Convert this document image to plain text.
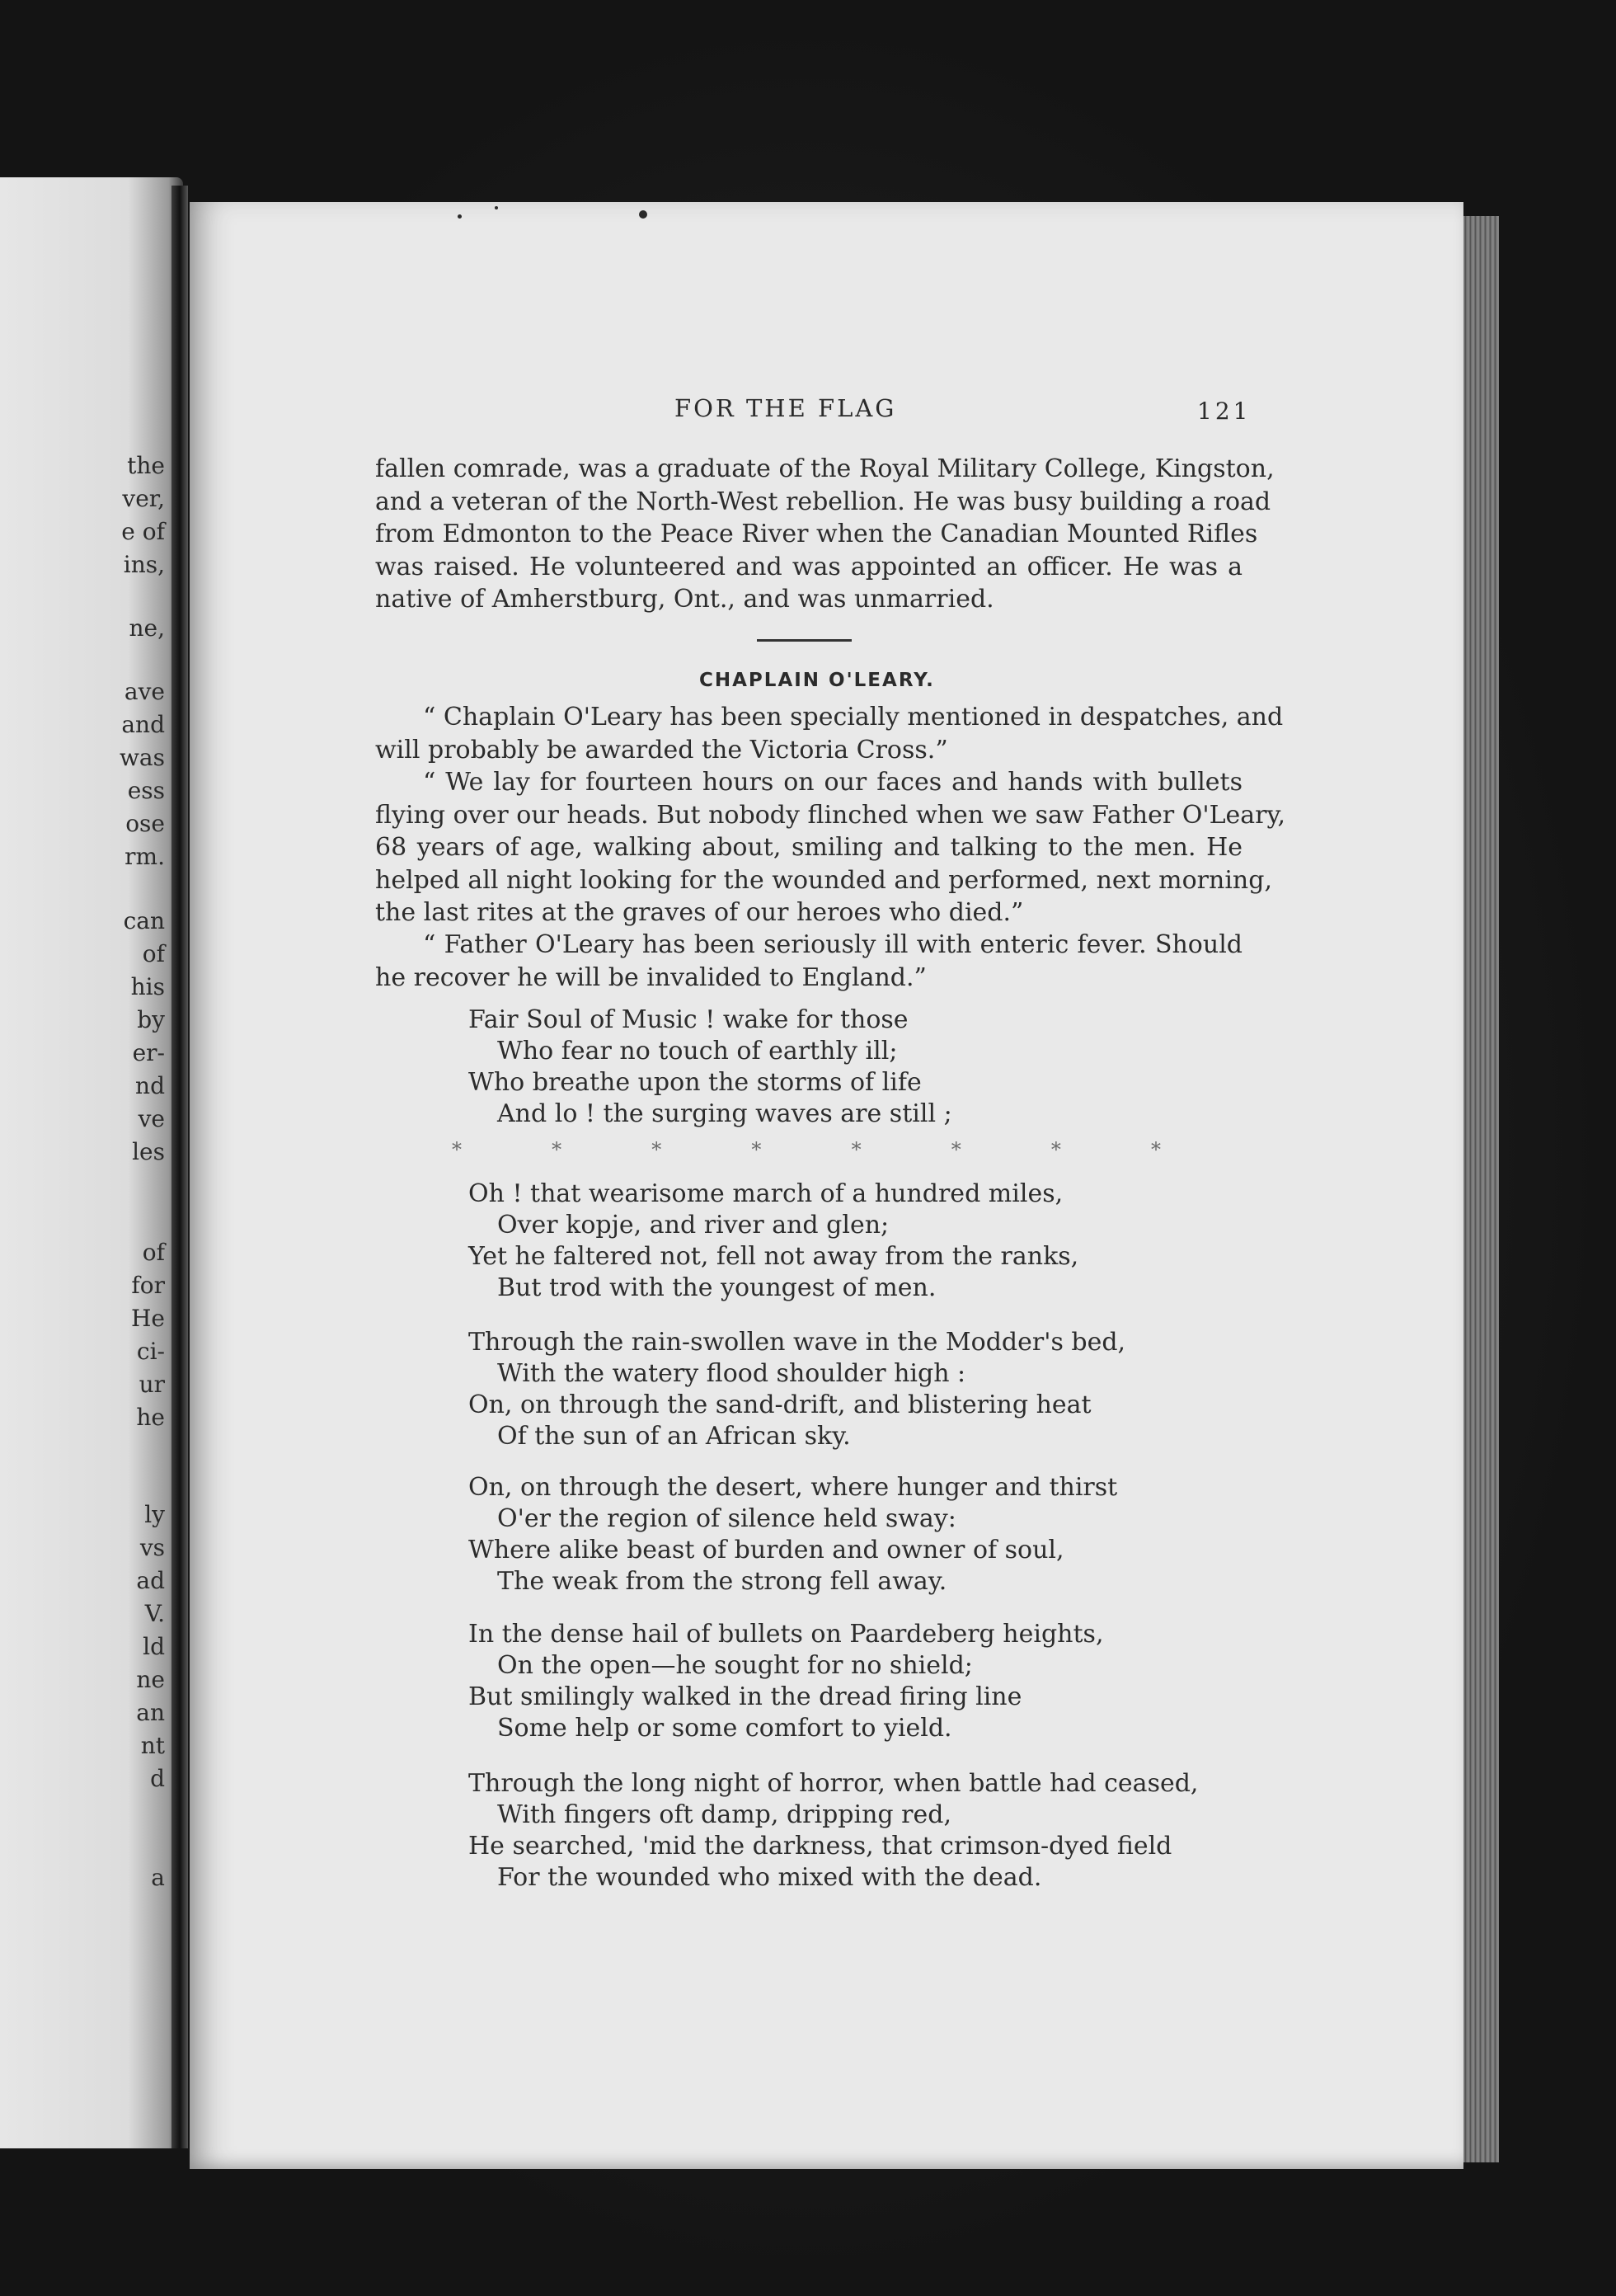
the
ver,
e of
ins,
ne,
ave
and
was
ess
ose
rm.
can
of
his
by
er-
nd
ve
les
of
for
He
ci-
ur
he
ly
vs
ad
V.
ld
ne
an
nt
d
a
FOR THE FLAG	121
fallen comrade, was a graduate of the Royal Military College, Kingston,
and a veteran of the North-West rebellion. He was busy building a road
from Edmonton to the Peace River when the Canadian Mounted Rifles
was raised. He volunteered and was appointed an officer. He was a
native of Amherstburg, Ont., and was unmarried.
CHAPLAIN O'LEARY.
“ Chaplain O'Leary has been specially mentioned in despatches, and
will probably be awarded the Victoria Cross.”
“ We lay for fourteen hours on our faces and hands with bullets
flying over our heads. But nobody flinched when we saw Father O'Leary,
68 years of age, walking about, smiling and talking to the men. He
helped all night looking for the wounded and performed, next morning,
the last rites at the graves of our heroes who died.”
“ Father O'Leary has been seriously ill with enteric fever. Should
he recover he will be invalided to England.”
Fair Soul of Music ! wake for those
Who fear no touch of earthly ill;
Who breathe upon the storms of life
And lo ! the surging waves are still ;
*	*	*	*	*	*	*	*
Oh ! that wearisome march of a hundred miles,
Over kopje, and river and glen;
Yet he faltered not, fell not away from the ranks,
But trod with the youngest of men.
Through the rain-swollen wave in the Modder's bed,
With the watery flood shoulder high :
On, on through the sand-drift, and blistering heat
Of the sun of an African sky.
On, on through the desert, where hunger and thirst
O'er the region of silence held sway:
Where alike beast of burden and owner of soul,
The weak from the strong fell away.
In the dense hail of bullets on Paardeberg heights,
On the open—he sought for no shield;
But smilingly walked in the dread firing line
Some help or some comfort to yield.
Through the long night of horror, when battle had ceased,
With fingers oft damp, dripping red,
He searched, 'mid the darkness, that crimson-dyed field
For the wounded who mixed with the dead.
